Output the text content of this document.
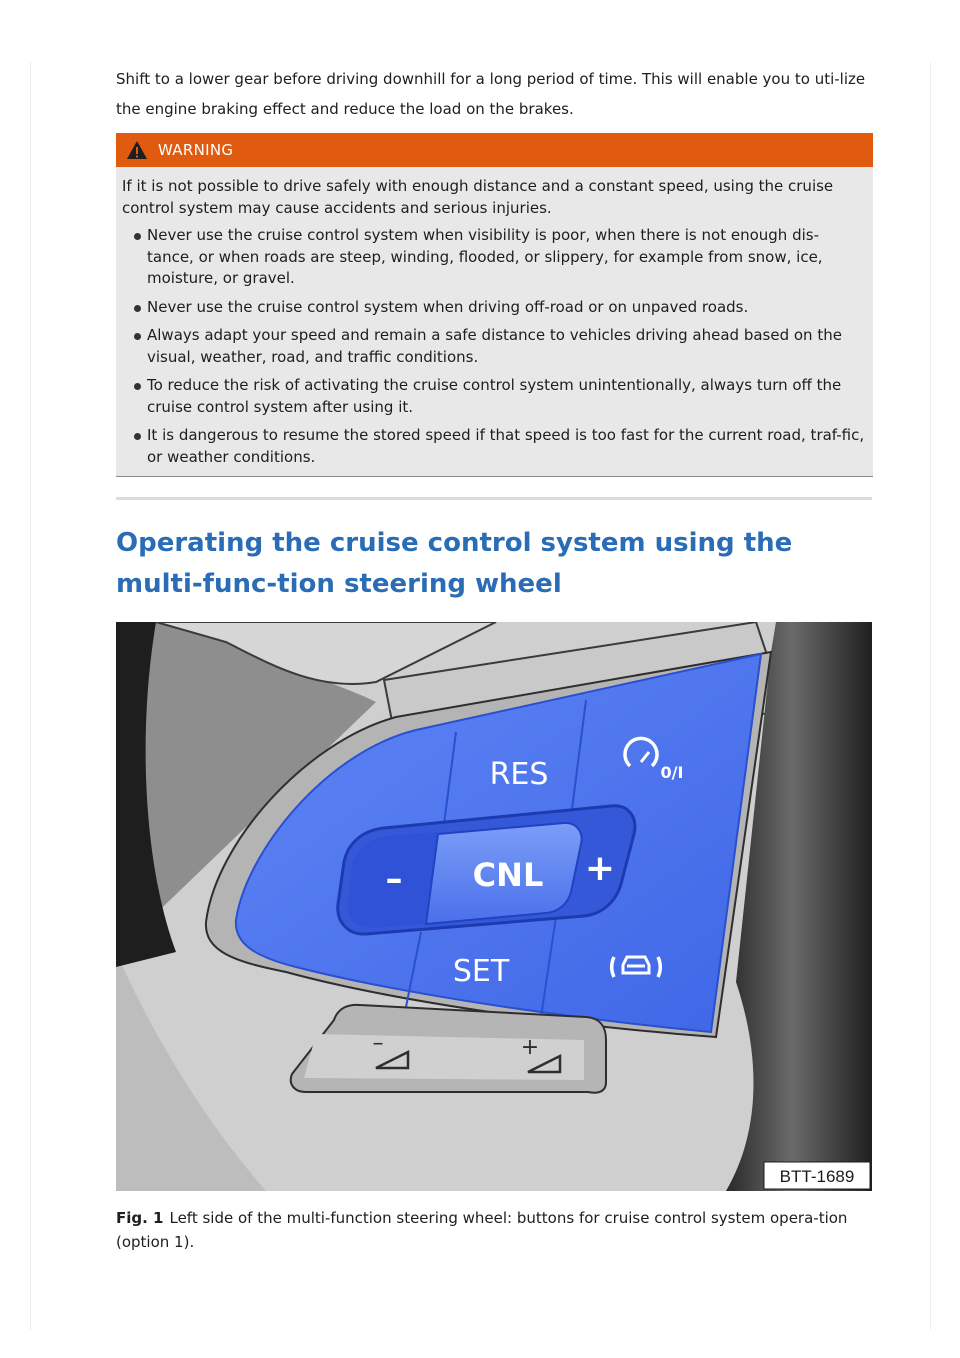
Shift to a lower gear before driving downhill for a long period of time. This will enable you to uti-lize the engine braking effect and reduce the load on the brakes.

WARNING

If it is not possible to drive safely with enough distance and a constant speed, using the cruise control system may cause accidents and serious injuries.

Never use the cruise control system when visibility is poor, when there is not enough dis-tance, or when roads are steep, winding, flooded, or slippery, for example from snow, ice, moisture, or gravel.
Never use the cruise control system when driving off-road or on unpaved roads.
Always adapt your speed and remain a safe distance to vehicles driving ahead based on the visual, weather, road, and traffic conditions.
To reduce the risk of activating the cruise control system unintentionally, always turn off the cruise control system after using it.
It is dangerous to resume the stored speed if that speed is too fast for the current road, traf-fic, or weather conditions.
Operating the cruise control system using the multi-func-tion steering wheel
CNL
–	+
RES
SET
0/I
–	+
BTT-1689

Fig. 1 Left side of the multi-function steering wheel: buttons for cruise control system opera-tion (option 1).
